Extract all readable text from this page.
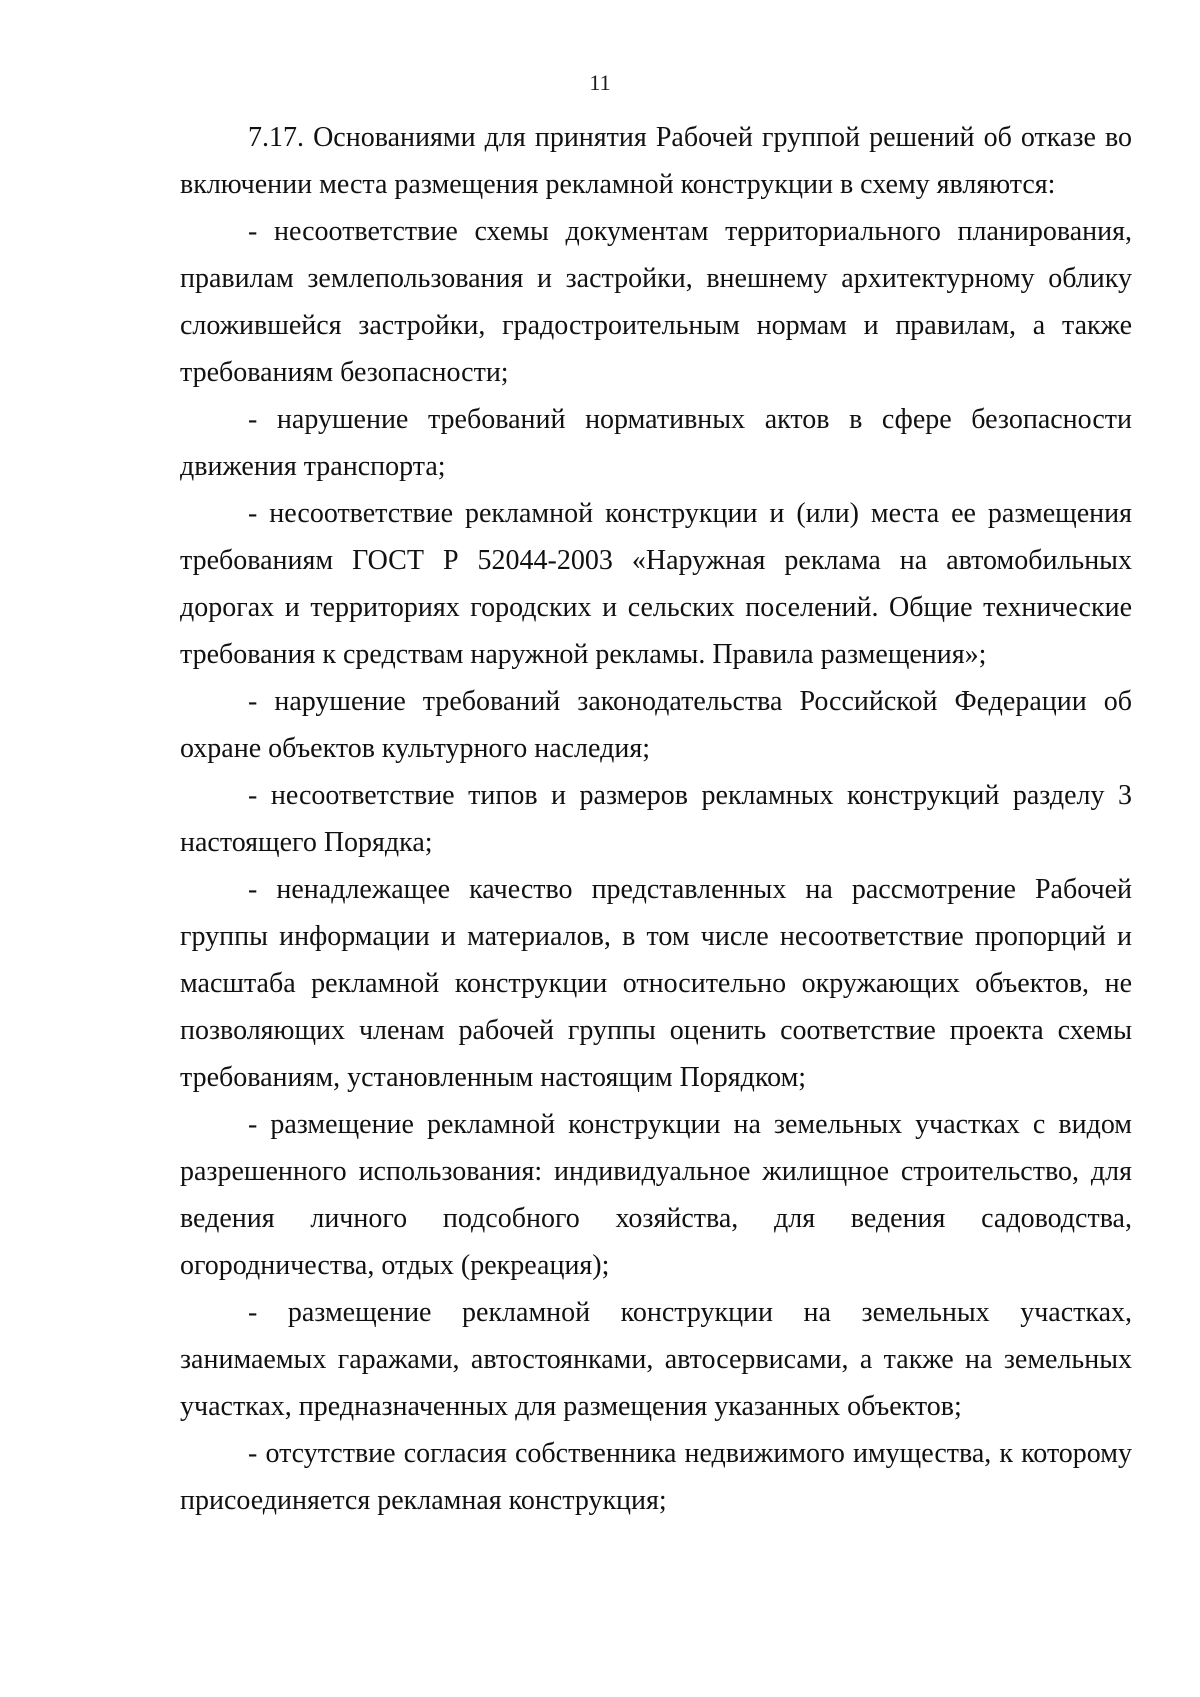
11

7.17. Основаниями для принятия Рабочей группой решений об отказе во включении места размещения рекламной конструкции в схему являются:

- несоответствие схемы документам территориального планирования, правилам землепользования и застройки, внешнему архитектурному облику сложившейся застройки, градостроительным нормам и правилам, а также требованиям безопасности;

- нарушение требований нормативных актов в сфере безопасности движения транспорта;

- несоответствие рекламной конструкции и (или) места ее размещения требованиям ГОСТ Р 52044-2003 «Наружная реклама на автомобильных дорогах и территориях городских и сельских поселений. Общие технические требования к средствам наружной рекламы. Правила размещения»;

- нарушение требований законодательства Российской Федерации об охране объектов культурного наследия;

- несоответствие типов и размеров рекламных конструкций разделу 3 настоящего Порядка;

- ненадлежащее качество представленных на рассмотрение Рабочей группы информации и материалов, в том числе несоответствие пропорций и масштаба рекламной конструкции относительно окружающих объектов, не позволяющих членам рабочей группы оценить соответствие проекта схемы требованиям, установленным настоящим Порядком;

- размещение рекламной конструкции на земельных участках с видом разрешенного использования: индивидуальное жилищное строительство, для ведения личного подсобного хозяйства, для ведения садоводства, огородничества, отдых (рекреация);

- размещение рекламной конструкции на земельных участках, занимаемых гаражами, автостоянками, автосервисами, а также на земельных участках, предназначенных для размещения указанных объектов;

- отсутствие согласия собственника недвижимого имущества, к которому присоединяется рекламная конструкция;
